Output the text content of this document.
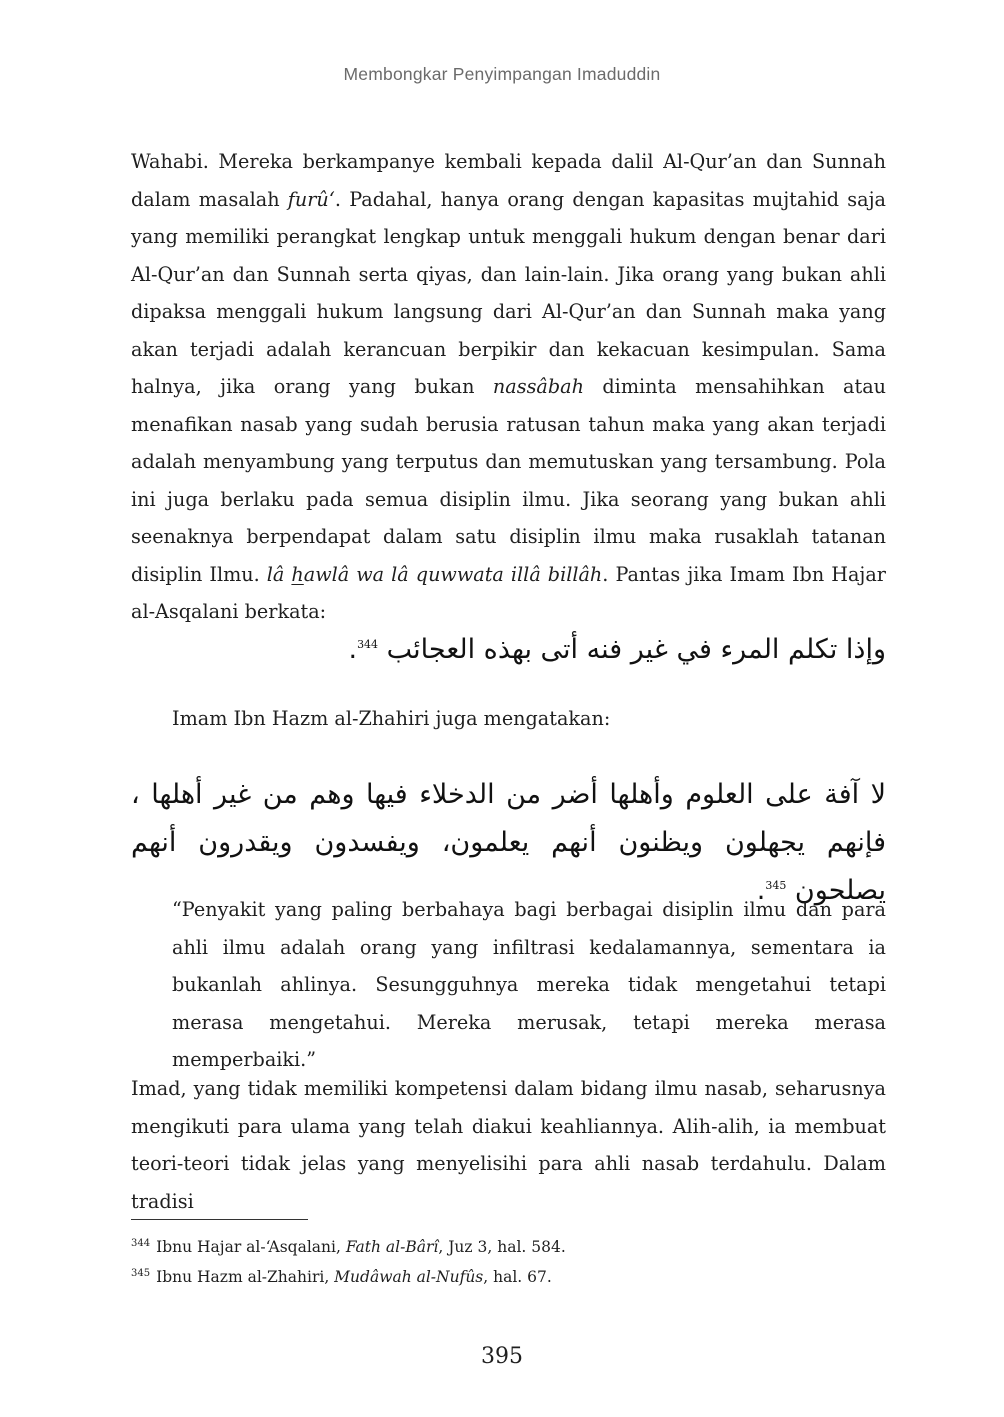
Membongkar Penyimpangan Imaduddin

Wahabi. Mereka berkampanye kembali kepada dalil Al-Qur’an dan Sunnah dalam masalah furû‘. Padahal, hanya orang dengan kapasitas mujtahid saja yang memiliki perangkat lengkap untuk menggali hukum dengan benar dari Al-Qur’an dan Sunnah serta qiyas, dan lain-lain. Jika orang yang bukan ahli dipaksa menggali hukum langsung dari Al-Qur’an dan Sunnah maka yang akan terjadi adalah kerancuan berpikir dan kekacuan kesimpulan. Sama halnya, jika orang yang bukan nassâbah diminta mensahihkan atau menafikan nasab yang sudah berusia ratusan tahun maka yang akan terjadi adalah menyambung yang terputus dan memutuskan yang tersambung. Pola ini juga berlaku pada semua disiplin ilmu. Jika seorang yang bukan ahli seenaknya berpendapat dalam satu disiplin ilmu maka rusaklah tatanan disiplin Ilmu. lâ hawlâ wa lâ quwwata illâ billâh. Pantas jika Imam Ibn Hajar al-Asqalani berkata:

وإذا تكلم المرء في غير فنه أتى بهذه العجائب $^{344}$.

Imam Ibn Hazm al-Zhahiri juga mengatakan:

لا آفة على العلوم وأهلها أضر من الدخلاء فيها وهم من غير أهلها ، فإنهم يجهلون ويظنون أنهم يعلمون، ويفسدون ويقدرون أنهم يصلحون $^{345}$.

“Penyakit yang paling berbahaya bagi berbagai disiplin ilmu dan para ahli ilmu adalah orang yang infiltrasi kedalamannya, sementara ia bukanlah ahlinya. Sesungguhnya mereka tidak mengetahui tetapi merasa mengetahui. Mereka merusak, tetapi mereka merasa memperbaiki.”

Imad, yang tidak memiliki kompetensi dalam bidang ilmu nasab, seharusnya mengikuti para ulama yang telah diakui keahliannya. Alih-alih, ia membuat teori-teori tidak jelas yang menyelisihi para ahli nasab terdahulu. Dalam tradisi

$^{344}$ Ibnu Hajar al-‘Asqalani, Fath al-Bârî, Juz 3, hal. 584.

$^{345}$ Ibnu Hazm al-Zhahiri, Mudâwah al-Nufûs, hal. 67.

395
